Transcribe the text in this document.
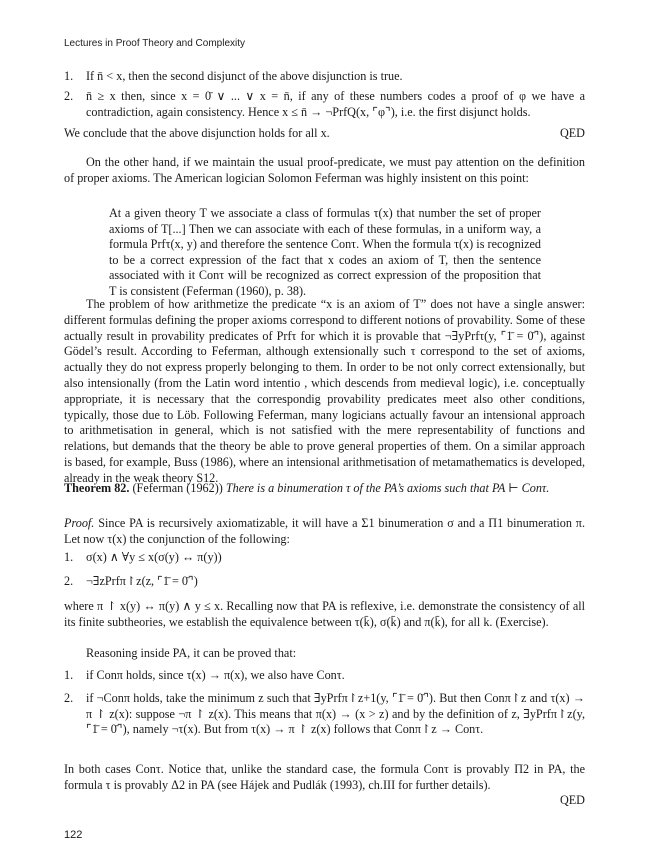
Lectures in Proof Theory and Complexity
1.	If n̄ < x, then the second disjunct of the above disjunction is true.
2.	n̄ ≥ x then, since x = 0̄ ∨ ... ∨ x = n̄, if any of these numbers codes a proof of φ we have a contradiction, again consistency. Hence x ≤ n̄ → ¬PrfQ(x, ⌜φ⌝), i.e. the first disjunct holds.
We conclude that the above disjunction holds for all x.	QED

On the other hand, if we maintain the usual proof-predicate, we must pay attention on the definition of proper axioms. The American logician Solomon Feferman was highly insistent on this point:

At a given theory T we associate a class of formulas τ(x) that number the set of proper axioms of T[...] Then we can associate with each of these formulas, in a uniform way, a formula Prfτ(x, y) and therefore the sentence Conτ. When the formula τ(x) is recognized to be a correct expression of the fact that x codes an axiom of T, then the sentence associated with it Conτ will be recognized as correct expression of the proposition that T is consistent (Feferman (1960), p. 38).

The problem of how arithmetize the predicate “x is an axiom of T” does not have a single answer: different formulas defining the proper axioms correspond to different notions of provability. Some of these actually result in provability predicates of Prfτ for which it is provable that ¬∃yPrfτ(y, ⌜1̄ = 0̄⌝), against Gödel’s result. According to Feferman, although extensionally such τ correspond to the set of axioms, actually they do not express properly belonging to them. In order to be not only correct extensionally, but also intensionally (from the Latin word intentio , which descends from medieval logic), i.e. conceptually appropriate, it is necessary that the correspondig provability predicates meet also other conditions, typically, those due to Löb. Following Feferman, many logicians actually favour an intensional approach to arithmetisation in general, which is not satisfied with the mere representability of functions and relations, but demands that the theory be able to prove general properties of them. On a similar approach is based, for example, Buss (1986), where an intensional arithmetisation of metamathematics is developed, already in the weak theory S12.

Theorem 82. (Feferman (1962)) There is a binumeration τ of the PA’s axioms such that PA ⊢ Conτ.
Proof. Since PA is recursively axiomatizable, it will have a Σ1 binumeration σ and a Π1 binumeration π. Let now τ(x) the conjunction of the following:
1.	σ(x) ∧ ∀y ≤ x(σ(y) ↔ π(y))
2.	¬∃zPrfπ↾z(z, ⌜1̄ = 0̄⌝)

where π ↾ x(y) ↔ π(y) ∧ y ≤ x. Recalling now that PA is reflexive, i.e. demonstrate the consistency of all its finite subtheories, we establish the equivalence between τ(k̄), σ(k̄) and π(k̄), for all k. (Exercise).

Reasoning inside PA, it can be proved that:

1.	if Conπ holds, since τ(x) → π(x), we also have Conτ.
2.	if ¬Conπ holds, take the minimum z such that ∃yPrfπ↾z+1(y, ⌜1̄ = 0̄⌝). But then Conπ↾z and τ(x) → π ↾ z(x): suppose ¬π ↾ z(x). This means that π(x) → (x > z) and by the definition of z, ∃yPrfπ↾z(y, ⌜1̄ = 0̄⌝), namely ¬τ(x). But from τ(x) → π ↾ z(x) follows that Conπ↾z → Conτ.

In both cases Conτ. Notice that, unlike the standard case, the formula Conτ is provably Π2 in PA, the formula τ is provably Δ2 in PA (see Hájek and Pudlák (1993), ch.III for further details).

QED
122
